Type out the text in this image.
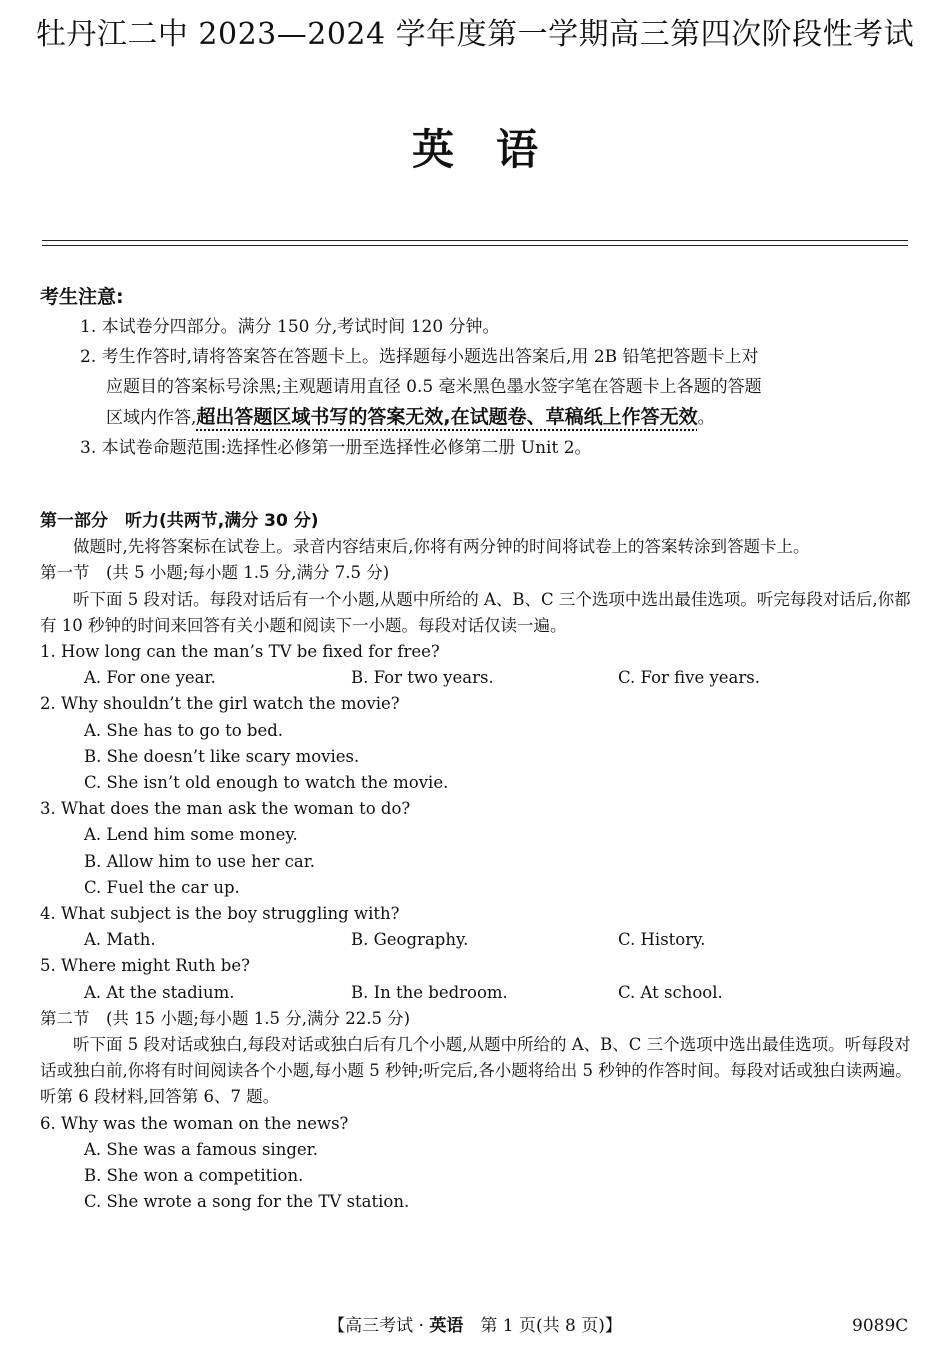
牡丹江二中 2023—2024 学年度第一学期高三第四次阶段性考试
英　语
考生注意:
1. 本试卷分四部分。满分 150 分,考试时间 120 分钟。
2. 考生作答时,请将答案答在答题卡上。选择题每小题选出答案后,用 2B 铅笔把答题卡上对
应题目的答案标号涂黑;主观题请用直径 0.5 毫米黑色墨水签字笔在答题卡上各题的答题
区域内作答,超出答题区域书写的答案无效,在试题卷、草稿纸上作答无效。
3. 本试卷命题范围:选择性必修第一册至选择性必修第二册 Unit 2。
第一部分　听力(共两节,满分 30 分)
做题时,先将答案标在试卷上。录音内容结束后,你将有两分钟的时间将试卷上的答案转涂到答题卡上。
第一节　(共 5 小题;每小题 1.5 分,满分 7.5 分)
听下面 5 段对话。每段对话后有一个小题,从题中所给的 A、B、C 三个选项中选出最佳选项。听完每段对话后,你都有 10 秒钟的时间来回答有关小题和阅读下一小题。每段对话仅读一遍。
1. How long can the man’s TV be fixed for free?
A. For one year.	B. For two years.	C. For five years.
2. Why shouldn’t the girl watch the movie?
A. She has to go to bed.
B. She doesn’t like scary movies.
C. She isn’t old enough to watch the movie.
3. What does the man ask the woman to do?
A. Lend him some money.
B. Allow him to use her car.
C. Fuel the car up.
4. What subject is the boy struggling with?
A. Math.	B. Geography.	C. History.
5. Where might Ruth be?
A. At the stadium.	B. In the bedroom.	C. At school.
第二节　(共 15 小题;每小题 1.5 分,满分 22.5 分)
听下面 5 段对话或独白,每段对话或独白后有几个小题,从题中所给的 A、B、C 三个选项中选出最佳选项。听每段对话或独白前,你将有时间阅读各个小题,每小题 5 秒钟;听完后,各小题将给出 5 秒钟的作答时间。每段对话或独白读两遍。
听第 6 段材料,回答第 6、7 题。
6. Why was the woman on the news?
A. She was a famous singer.
B. She won a competition.
C. She wrote a song for the TV station.
【高三考试 · 英语　第 1 页(共 8 页)】	9089C
